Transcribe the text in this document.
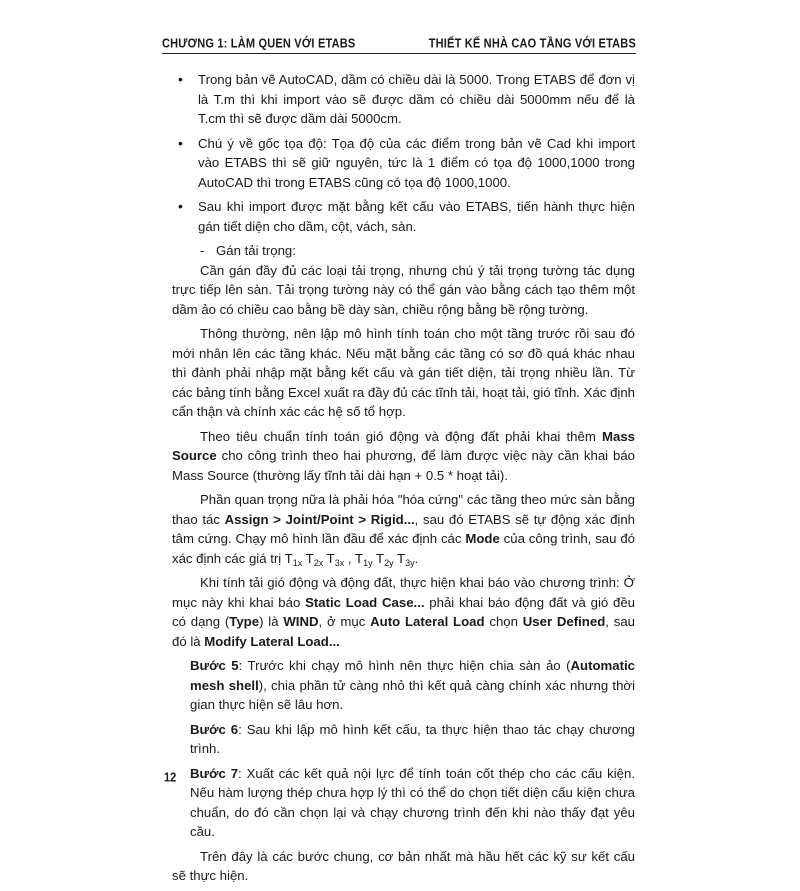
CHƯƠNG 1: LÀM QUEN VỚI ETABS	THIẾT KẾ NHÀ CAO TẦNG VỚI ETABS

• Trong bản vẽ AutoCAD, dầm có chiều dài là 5000. Trong ETABS để đơn vị là T.m thì khi import vào sẽ được dầm có chiều dài 5000mm nếu để là T.cm thì sẽ được dầm dài 5000cm.

• Chú ý về gốc tọa độ: Tọa độ của các điểm trong bản vẽ Cad khi import vào ETABS thì sẽ giữ nguyên, tức là 1 điểm có tọa độ 1000,1000 trong AutoCAD thì trong ETABS cũng có tọa độ 1000,1000.

• Sau khi import được mặt bằng kết cấu vào ETABS, tiến hành thực hiện gán tiết diện cho dầm, cột, vách, sàn.

- Gán tải trọng:

Cần gán đầy đủ các loại tải trọng, nhưng chú ý tải trọng tường tác dụng trực tiếp lên sàn. Tải trọng tường này có thể gán vào bằng cách tạo thêm một dầm ảo có chiều cao bằng bề dày sàn, chiều rộng bằng bề rộng tường.

Thông thường, nên lập mô hình tính toán cho một tầng trước rồi sau đó mới nhân lên các tầng khác. Nếu mặt bằng các tầng có sơ đồ quá khác nhau thì đành phải nhập mặt bằng kết cấu và gán tiết diện, tải trọng nhiều lần. Từ các bảng tính bằng Excel xuất ra đầy đủ các tĩnh tải, hoạt tải, gió tĩnh. Xác định cẩn thận và chính xác các hệ số tổ hợp.

Theo tiêu chuẩn tính toán gió động và động đất phải khai thêm Mass Source cho công trình theo hai phương, để làm được việc này cần khai báo Mass Source (thường lấy tĩnh tải dài hạn + 0.5 * hoạt tải).

Phần quan trọng nữa là phải hóa "hóa cứng" các tầng theo mức sàn bằng thao tác Assign > Joint/Point > Rigid..., sau đó ETABS sẽ tự động xác định tâm cứng. Chạy mô hình lần đầu để xác định các Mode của công trình, sau đó xác định các giá trị $T_{1x}$ $T_{2x}$ $T_{3x}$ , $T_{1y}$ $T_{2y}$ $T_{3y}$.

Khi tính tải gió động và động đất, thực hiện khai báo vào chương trình: Ở mục này khi khai báo Static Load Case... phải khai báo động đất và gió đều có dạng (Type) là WIND, ở mục Auto Lateral Load chọn User Defined, sau đó là Modify Lateral Load...

Bước 5: Trước khi chạy mô hình nên thực hiện chia sàn ảo (Automatic mesh shell), chia phần tử càng nhỏ thì kết quả càng chính xác nhưng thời gian thực hiện sẽ lâu hơn.

Bước 6: Sau khi lập mô hình kết cấu, ta thực hiện thao tác chạy chương trình.

Bước 7: Xuất các kết quả nội lực để tính toán cốt thép cho các cấu kiện. Nếu hàm lượng thép chưa hợp lý thì có thể do chọn tiết diện cấu kiện chưa chuẩn, do đó cần chọn lại và chạy chương trình đến khi nào thấy đạt yêu cầu.

Trên đây là các bước chung, cơ bản nhất mà hầu hết các kỹ sư kết cấu sẽ thực hiện.

12
